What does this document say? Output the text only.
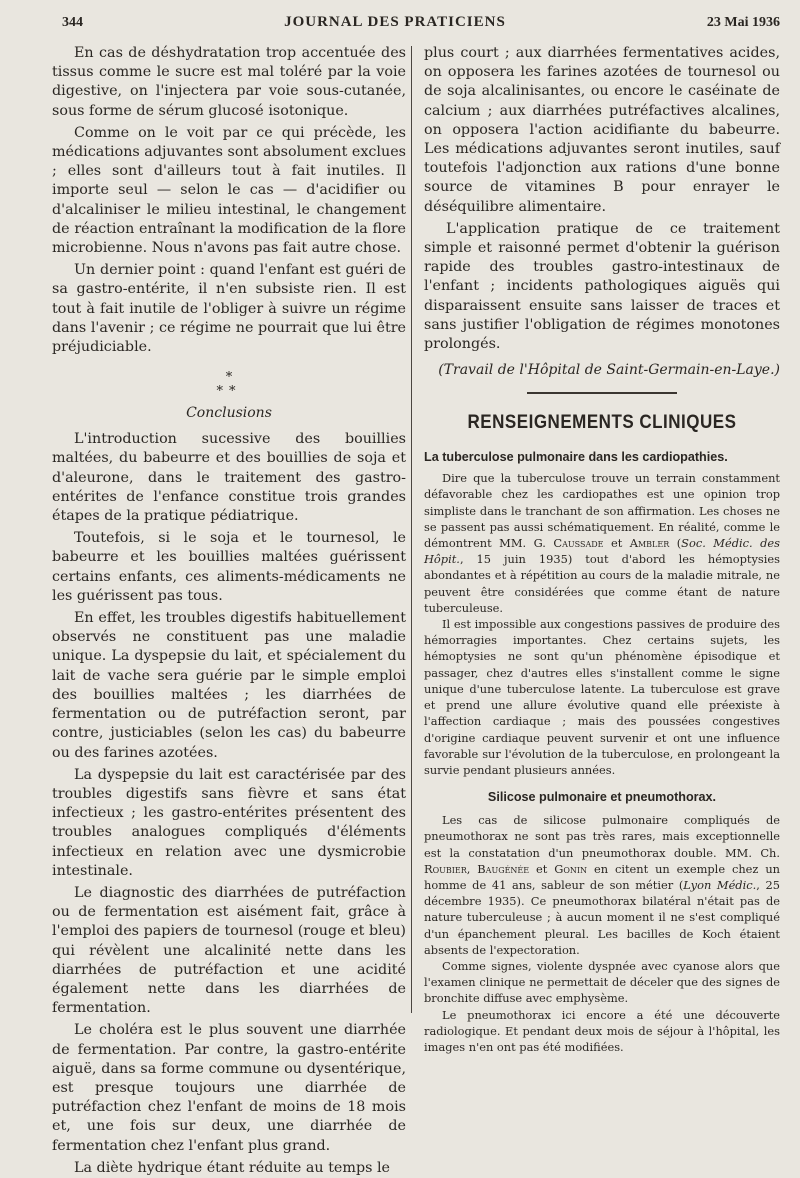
344	JOURNAL DES PRATICIENS	23 Mai 1936

En cas de déshydratation trop accentuée des tissus comme le sucre est mal toléré par la voie digestive, on l'injectera par voie sous-cutanée, sous forme de sérum glucosé isotonique.

Comme on le voit par ce qui précède, les médications adjuvantes sont absolument exclues ; elles sont d'ailleurs tout à fait inutiles. Il importe seul — selon le cas — d'acidifier ou d'alcaliniser le milieu intestinal, le changement de réaction entraînant la modification de la flore microbienne. Nous n'avons pas fait autre chose.

Un dernier point : quand l'enfant est guéri de sa gastro-entérite, il n'en subsiste rien. Il est tout à fait inutile de l'obliger à suivre un régime dans l'avenir ; ce régime ne pourrait que lui être préjudiciable.

*
**
Conclusions

L'introduction sucessive des bouillies maltées, du babeurre et des bouillies de soja et d'aleurone, dans le traitement des gastro-entérites de l'enfance constitue trois grandes étapes de la pratique pédiatrique.

Toutefois, si le soja et le tournesol, le babeurre et les bouillies maltées guérissent certains enfants, ces aliments-médicaments ne les guérissent pas tous.

En effet, les troubles digestifs habituellement observés ne constituent pas une maladie unique. La dyspepsie du lait, et spécialement du lait de vache sera guérie par le simple emploi des bouillies maltées ; les diarrhées de fermentation ou de putréfaction seront, par contre, justiciables (selon les cas) du babeurre ou des farines azotées.

La dyspepsie du lait est caractérisée par des troubles digestifs sans fièvre et sans état infectieux ; les gastro-entérites présentent des troubles analogues compliqués d'éléments infectieux en relation avec une dysmicrobie intestinale.

Le diagnostic des diarrhées de putréfaction ou de fermentation est aisément fait, grâce à l'emploi des papiers de tournesol (rouge et bleu) qui révèlent une alcalinité nette dans les diarrhées de putréfaction et une acidité également nette dans les diarrhées de fermentation.

Le choléra est le plus souvent une diarrhée de fermentation. Par contre, la gastro-entérite aiguë, dans sa forme commune ou dysentérique, est presque toujours une diarrhée de putréfaction chez l'enfant de moins de 18 mois et, une fois sur deux, une diarrhée de fermentation chez l'enfant plus grand.

La diète hydrique étant réduite au temps le

plus court ; aux diarrhées fermentatives acides, on opposera les farines azotées de tournesol ou de soja alcalinisantes, ou encore le caséinate de calcium ; aux diarrhées putréfactives alcalines, on opposera l'action acidifiante du babeurre. Les médications adjuvantes seront inutiles, sauf toutefois l'adjonction aux rations d'une bonne source de vitamines B pour enrayer le déséquilibre alimentaire.

L'application pratique de ce traitement simple et raisonné permet d'obtenir la guérison rapide des troubles gastro-intestinaux de l'enfant ; incidents pathologiques aiguës qui disparaissent ensuite sans laisser de traces et sans justifier l'obligation de régimes monotones prolongés.

(Travail de l'Hôpital de Saint-Germain-en-Laye.)
RENSEIGNEMENTS CLINIQUES
La tuberculose pulmonaire dans les cardiopathies.

Dire que la tuberculose trouve un terrain constamment défavorable chez les cardiopathes est une opinion trop simpliste dans le tranchant de son affirmation. Les choses ne se passent pas aussi schématiquement. En réalité, comme le démontrent MM. G. Caussade et Ambler (Soc. Médic. des Hôpit., 15 juin 1935) tout d'abord les hémoptysies abondantes et à répétition au cours de la maladie mitrale, ne peuvent être considérées que comme étant de nature tuberculeuse.

Il est impossible aux congestions passives de produire des hémorragies importantes. Chez certains sujets, les hémoptysies ne sont qu'un phénomène épisodique et passager, chez d'autres elles s'installent comme le signe unique d'une tuberculose latente. La tuberculose est grave et prend une allure évolutive quand elle préexiste à l'affection cardiaque ; mais des poussées congestives d'origine cardiaque peuvent survenir et ont une influence favorable sur l'évolution de la tuberculose, en prolongeant la survie pendant plusieurs années.

Silicose pulmonaire et pneumothorax.

Les cas de silicose pulmonaire compliqués de pneumothorax ne sont pas très rares, mais exceptionnelle est la constatation d'un pneumothorax double. MM. Ch. Roubier, Baugénée et Gonin en citent un exemple chez un homme de 41 ans, sableur de son métier (Lyon Médic., 25 décembre 1935). Ce pneumothorax bilatéral n'était pas de nature tuberculeuse ; à aucun moment il ne s'est compliqué d'un épanchement pleural. Les bacilles de Koch étaient absents de l'expectoration.

Comme signes, violente dyspnée avec cyanose alors que l'examen clinique ne permettait de déceler que des signes de bronchite diffuse avec emphysème.

Le pneumothorax ici encore a été une découverte radiologique. Et pendant deux mois de séjour à l'hôpital, les images n'en ont pas été modifiées.
